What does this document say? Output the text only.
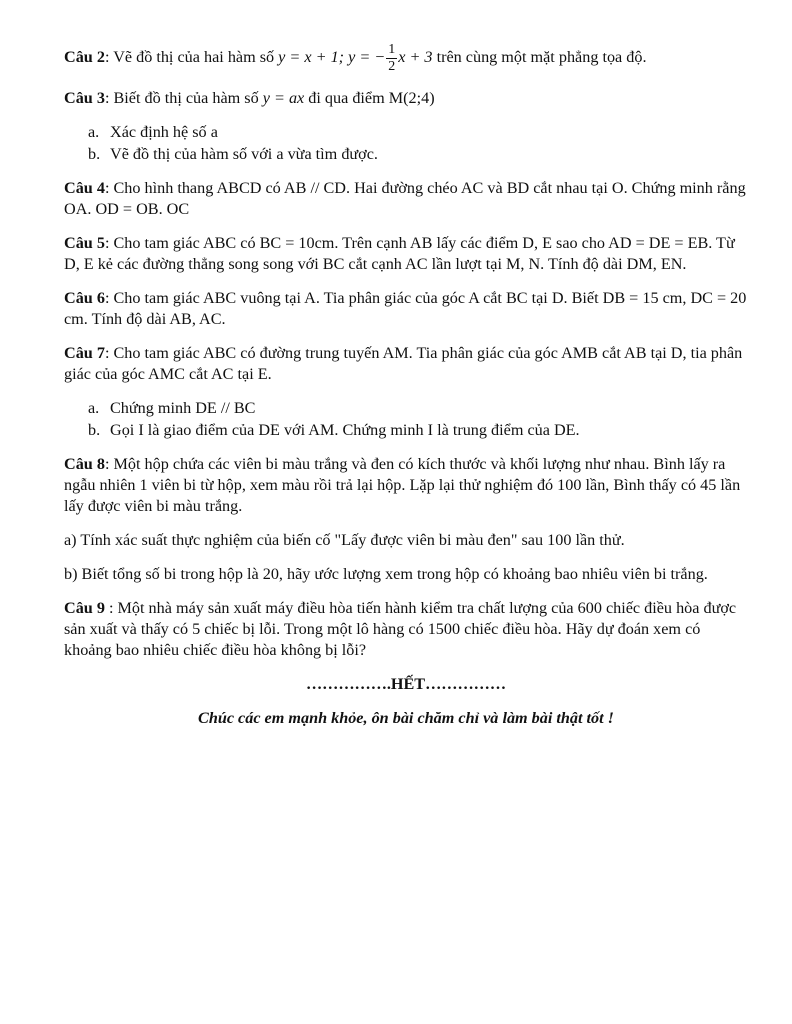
Câu 2: Vẽ đồ thị của hai hàm số y = x + 1; y = − $\frac{1}{2}$ x + 3 trên cùng một mặt phẳng tọa độ.

Câu 3: Biết đồ thị của hàm số y = ax đi qua điểm M(2;4)

a. Xác định hệ số a

b. Vẽ đồ thị của hàm số với a vừa tìm được.

Câu 4: Cho hình thang ABCD có AB // CD. Hai đường chéo AC và BD cắt nhau tại O. Chứng minh rằng OA. OD = OB. OC

Câu 5: Cho tam giác ABC có BC = 10cm. Trên cạnh AB lấy các điểm D, E sao cho AD = DE = EB. Từ D, E kẻ các đường thẳng song song với BC cắt cạnh AC lần lượt tại M, N. Tính độ dài DM, EN.

Câu 6: Cho tam giác ABC vuông tại A. Tia phân giác của góc A cắt BC tại D. Biết DB = 15 cm, DC = 20 cm. Tính độ dài AB, AC.

Câu 7: Cho tam giác ABC có đường trung tuyến AM. Tia phân giác của góc AMB cắt AB tại D, tia phân giác của góc AMC cắt AC tại E.

a. Chứng minh DE // BC

b. Gọi I là giao điểm của DE với AM. Chứng minh I là trung điểm của DE.

Câu 8: Một hộp chứa các viên bi màu trắng và đen có kích thước và khối lượng như nhau. Bình lấy ra ngẫu nhiên 1 viên bi từ hộp, xem màu rồi trả lại hộp. Lặp lại thử nghiệm đó 100 lần, Bình thấy có 45 lần lấy được viên bi màu trắng.

a) Tính xác suất thực nghiệm của biến cố "Lấy được viên bi màu đen" sau 100 lần thử.

b) Biết tổng số bi trong hộp là 20, hãy ước lượng xem trong hộp có khoảng bao nhiêu viên bi trắng.

Câu 9 : Một nhà máy sản xuất máy điều hòa tiến hành kiểm tra chất lượng của 600 chiếc điều hòa được sản xuất và thấy có 5 chiếc bị lỗi. Trong một lô hàng có 1500 chiếc điều hòa. Hãy dự đoán xem có khoảng bao nhiêu chiếc điều hòa không bị lỗi?

…………….HẾT……………

Chúc các em mạnh khỏe, ôn bài chăm chỉ và làm bài thật tốt !
